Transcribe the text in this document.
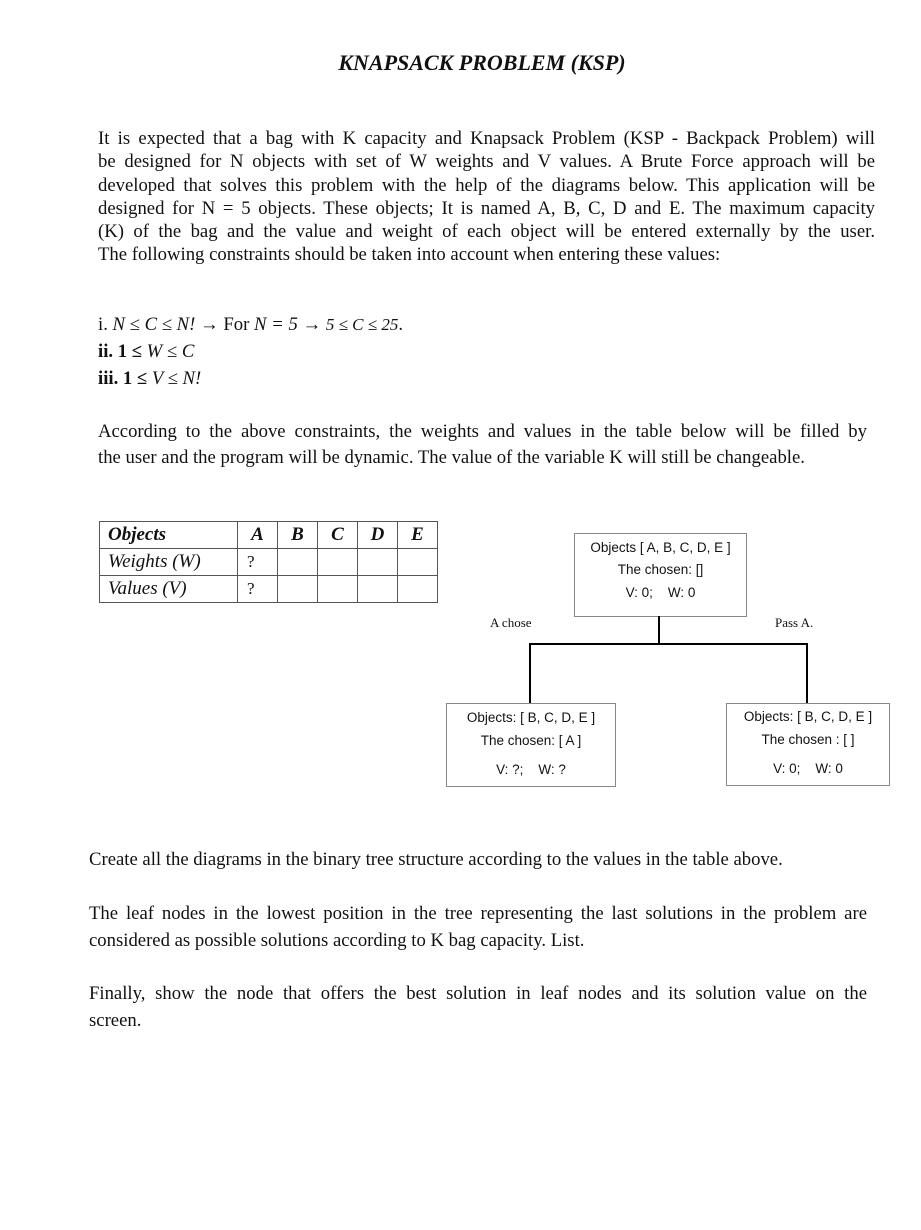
KNAPSACK PROBLEM (KSP)
It is expected that a bag with K capacity and Knapsack Problem (KSP - Backpack Problem) will
be designed for N objects with set of W weights and V values. A Brute Force approach will be
developed that solves this problem with the help of the diagrams below. This application will be
designed for N = 5 objects. These objects; It is named A, B, C, D and E. The maximum capacity
(K) of the bag and the value and weight of each object will be entered externally by the user.
The following constraints should be taken into account when entering these values:
i. N ≤ C ≤ N! → For N = 5 → 5 ≤ C ≤ 25.
ii. 1 ≤ W ≤ C
iii. 1 ≤ V ≤ N!
According to the above constraints, the weights and values in the table below will be filled by
the user and the program will be dynamic. The value of the variable K will still be changeable.
Objects	A	B	C	D	E
Weights (W)	?				
Values (V)	?				
Objects [ A, B, C, D, E ]
The chosen: []
V: 0; W: 0
A chose	Pass A.
Objects: [ B, C, D, E ]
The chosen: [ A ]
V: ?; W: ?
Objects: [ B, C, D, E ]
The chosen : [ ]
V: 0; W: 0
Create all the diagrams in the binary tree structure according to the values in the table above.
The leaf nodes in the lowest position in the tree representing the last solutions in the problem are
considered as possible solutions according to K bag capacity. List.
Finally, show the node that offers the best solution in leaf nodes and its solution value on the
screen.
